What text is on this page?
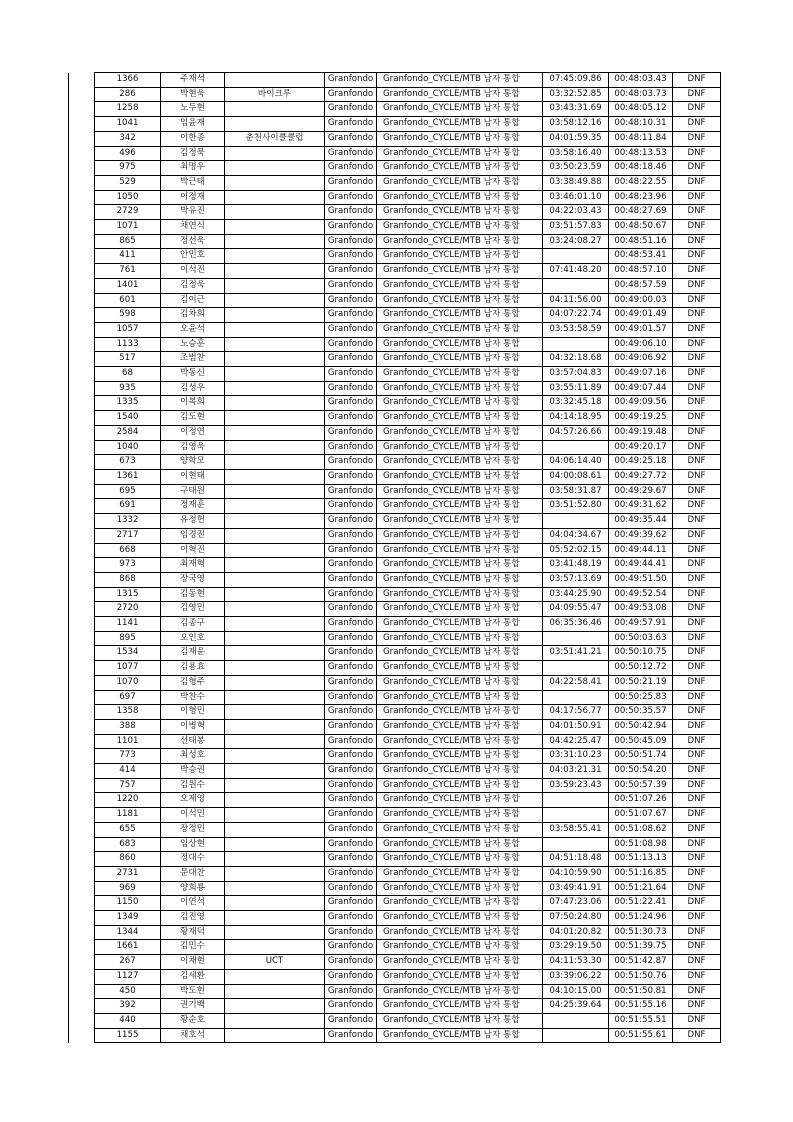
	1366	주재석		Granfondo	Granfondo_CYCLE/MTB 남자 통합	07:45:09.86	00:48:03.43	DNF
	286	박현욱	바이크루	Granfondo	Granfondo_CYCLE/MTB 남자 통합	03:32:52.85	00:48:03.73	DNF
	1258	노두현		Granfondo	Granfondo_CYCLE/MTB 남자 통합	03:43:31.69	00:48:05.12	DNF
	1041	임윤재		Granfondo	Granfondo_CYCLE/MTB 남자 통합	03:58:12.16	00:48:10.31	DNF
	342	이한종	춘천사이클클럽	Granfondo	Granfondo_CYCLE/MTB 남자 통합	04:01:59.35	00:48:11.84	DNF
	496	김정묵		Granfondo	Granfondo_CYCLE/MTB 남자 통합	03:58:16.40	00:48:13.53	DNF
	975	최명우		Granfondo	Granfondo_CYCLE/MTB 남자 통합	03:50:23.59	00:48:18.46	DNF
	529	박근태		Granfondo	Granfondo_CYCLE/MTB 남자 통합	03:38:49.88	00:48:22.55	DNF
	1050	이정재		Granfondo	Granfondo_CYCLE/MTB 남자 통합	03:46:01.10	00:48:23.96	DNF
	2729	박유진		Granfondo	Granfondo_CYCLE/MTB 남자 통합	04:22:03.43	00:48:27.69	DNF
	1071	채연식		Granfondo	Granfondo_CYCLE/MTB 남자 통합	03:51:57.83	00:48:50.67	DNF
	865	정선욱		Granfondo	Granfondo_CYCLE/MTB 남자 통합	03:24:08.27	00:48:51.16	DNF
	411	안민호		Granfondo	Granfondo_CYCLE/MTB 남자 통합		00:48:53.41	DNF
	761	이석진		Granfondo	Granfondo_CYCLE/MTB 남자 통합	07:41:48.20	00:48:57.10	DNF
	1401	김정욱		Granfondo	Granfondo_CYCLE/MTB 남자 통합		00:48:57.59	DNF
	601	김이근		Granfondo	Granfondo_CYCLE/MTB 남자 통합	04:11:56.00	00:49:00.03	DNF
	598	김차희		Granfondo	Granfondo_CYCLE/MTB 남자 통합	04:07:22.74	00:49:01.49	DNF
	1057	오윤석		Granfondo	Granfondo_CYCLE/MTB 남자 통합	03:53:58.59	00:49:01.57	DNF
	1133	노승훈		Granfondo	Granfondo_CYCLE/MTB 남자 통합		00:49:06.10	DNF
	517	조범찬		Granfondo	Granfondo_CYCLE/MTB 남자 통합	04:32:18.68	00:49:06.92	DNF
	68	박동신		Granfondo	Granfondo_CYCLE/MTB 남자 통합	03:57:04.83	00:49:07.16	DNF
	935	김성우		Granfondo	Granfondo_CYCLE/MTB 남자 통합	03:55:11.89	00:49:07.44	DNF
	1335	이복희		Granfondo	Granfondo_CYCLE/MTB 남자 통합	03:32:45.18	00:49:09.56	DNF
	1540	김도현		Granfondo	Granfondo_CYCLE/MTB 남자 통합	04:14:18.95	00:49:19.25	DNF
	2584	이정연		Granfondo	Granfondo_CYCLE/MTB 남자 통합	04:57:26.66	00:49:19.48	DNF
	1040	김영욱		Granfondo	Granfondo_CYCLE/MTB 남자 통합		00:49:20.17	DNF
	673	양학모		Granfondo	Granfondo_CYCLE/MTB 남자 통합	04:06:14.40	00:49:25.18	DNF
	1361	이현태		Granfondo	Granfondo_CYCLE/MTB 남자 통합	04:00:08.61	00:49:27.72	DNF
	695	구태원		Granfondo	Granfondo_CYCLE/MTB 남자 통합	03:58:31.87	00:49:29.67	DNF
	691	정재훈		Granfondo	Granfondo_CYCLE/MTB 남자 통합	03:51:52.80	00:49:31.62	DNF
	1332	유정헌		Granfondo	Granfondo_CYCLE/MTB 남자 통합		00:49:35.44	DNF
	2717	임경진		Granfondo	Granfondo_CYCLE/MTB 남자 통합	04:04:34.67	00:49:39.62	DNF
	668	이혁진		Granfondo	Granfondo_CYCLE/MTB 남자 통합	05:52:02.15	00:49:44.11	DNF
	973	최재혁		Granfondo	Granfondo_CYCLE/MTB 남자 통합	03:41:48.19	00:49:44.41	DNF
	868	장국영		Granfondo	Granfondo_CYCLE/MTB 남자 통합	03:57:13.69	00:49:51.50	DNF
	1315	김동현		Granfondo	Granfondo_CYCLE/MTB 남자 통합	03:44:25.90	00:49:52.54	DNF
	2720	김영민		Granfondo	Granfondo_CYCLE/MTB 남자 통합	04:09:55.47	00:49:53.08	DNF
	1141	김종구		Granfondo	Granfondo_CYCLE/MTB 남자 통합	06:35:36.46	00:49:57.91	DNF
	895	오인호		Granfondo	Granfondo_CYCLE/MTB 남자 통합		00:50:03.63	DNF
	1534	김재윤		Granfondo	Granfondo_CYCLE/MTB 남자 통합	03:51:41.21	00:50:10.75	DNF
	1077	김용효		Granfondo	Granfondo_CYCLE/MTB 남자 통합		00:50:12.72	DNF
	1070	김형주		Granfondo	Granfondo_CYCLE/MTB 남자 통합	04:22:58.41	00:50:21.19	DNF
	697	박찬수		Granfondo	Granfondo_CYCLE/MTB 남자 통합		00:50:25.83	DNF
	1358	이형민		Granfondo	Granfondo_CYCLE/MTB 남자 통합	04:17:56.77	00:50:35.57	DNF
	388	이병혁		Granfondo	Granfondo_CYCLE/MTB 남자 통합	04:01:50.91	00:50:42.94	DNF
	1101	선태봉		Granfondo	Granfondo_CYCLE/MTB 남자 통합	04:42:25.47	00:50:45.09	DNF
	773	최성호		Granfondo	Granfondo_CYCLE/MTB 남자 통합	03:31:10.23	00:50:51.74	DNF
	414	박승권		Granfondo	Granfondo_CYCLE/MTB 남자 통합	04:03:21.31	00:50:54.20	DNF
	757	김원수		Granfondo	Granfondo_CYCLE/MTB 남자 통합	03:59:23.43	00:50:57.39	DNF
	1220	오제영		Granfondo	Granfondo_CYCLE/MTB 남자 통합		00:51:07.26	DNF
	1181	이석민		Granfondo	Granfondo_CYCLE/MTB 남자 통합		00:51:07.67	DNF
	655	장정민		Granfondo	Granfondo_CYCLE/MTB 남자 통합	03:58:55.41	00:51:08.62	DNF
	683	임상현		Granfondo	Granfondo_CYCLE/MTB 남자 통합		00:51:08.98	DNF
	860	정대수		Granfondo	Granfondo_CYCLE/MTB 남자 통합	04:51:18.48	00:51:13.13	DNF
	2731	문대찬		Granfondo	Granfondo_CYCLE/MTB 남자 통합	04:10:59.90	00:51:16.85	DNF
	969	양희룡		Granfondo	Granfondo_CYCLE/MTB 남자 통합	03:49:41.91	00:51:21.64	DNF
	1150	이연석		Granfondo	Granfondo_CYCLE/MTB 남자 통합	07:47:23.06	00:51:22.41	DNF
	1349	김진영		Granfondo	Granfondo_CYCLE/MTB 남자 통합	07:50:24.80	00:51:24.96	DNF
	1344	황재덕		Granfondo	Granfondo_CYCLE/MTB 남자 통합	04:01:20.82	00:51:30.73	DNF
	1661	김민수		Granfondo	Granfondo_CYCLE/MTB 남자 통합	03:29:19.50	00:51:39.75	DNF
	267	이채현	UCT	Granfondo	Granfondo_CYCLE/MTB 남자 통합	04:11:53.30	00:51:42.87	DNF
	1127	김세환		Granfondo	Granfondo_CYCLE/MTB 남자 통합	03:39:06.22	00:51:50.76	DNF
	450	박도현		Granfondo	Granfondo_CYCLE/MTB 남자 통합	04:10:15.00	00:51:50.81	DNF
	392	권기백		Granfondo	Granfondo_CYCLE/MTB 남자 통합	04:25:39.64	00:51:55.16	DNF
	440	황순호		Granfondo	Granfondo_CYCLE/MTB 남자 통합		00:51:55.51	DNF
	1155	채호석		Granfondo	Granfondo_CYCLE/MTB 남자 통합		00:51:55.61	DNF
